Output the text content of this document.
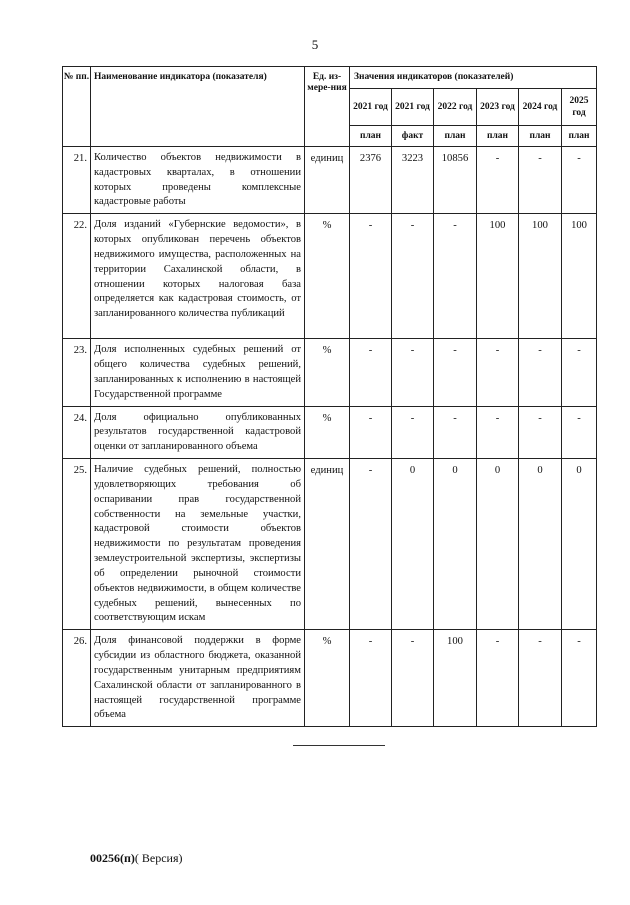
5
№ пп.	Наименование индикатора (показателя)	Ед. из-мере-ния	Значения индикаторов (показателей)					
			2021 год	2021 год	2022 год	2023 год	2024 год	2025 год
			план	факт	план	план	план	план
21.	Количество объектов недвижимости в кадастровых кварталах, в отношении которых проведены комплексные кадастровые работы	единиц	2376	3223	10856	-	-	-
22.	Доля изданий «Губернские ведомости», в которых опубликован перечень объектов недвижимого имущества, расположенных на территории Сахалинской области, в отношении которых налоговая база определяется как кадастровая стоимость, от запланированного количества публикаций	%	-	-	-	100	100	100
23.	Доля исполненных судебных решений от общего количества судебных решений, запланированных к исполнению в настоящей Государственной программе	%	-	-	-	-	-	-
24.	Доля официально опубликованных результатов государственной кадастровой оценки от запланированного объема	%	-	-	-	-	-	-
25.	Наличие судебных решений, полностью удовлетворяющих требования об оспаривании прав государственной собственности на земельные участки, кадастровой стоимости объектов недвижимости по результатам проведения землеустроительной экспертизы, экспертизы об определении рыночной стоимости объектов недвижимости, в общем количестве судебных решений, вынесенных по соответствующим искам	единиц	-	0	0	0	0	0
26.	Доля финансовой поддержки в форме субсидии из областного бюджета, оказанной государственным унитарным предприятиям Сахалинской области от запланированного в настоящей государственной программе объема	%	-	-	100	-	-	-
00256(п)( Версия)
